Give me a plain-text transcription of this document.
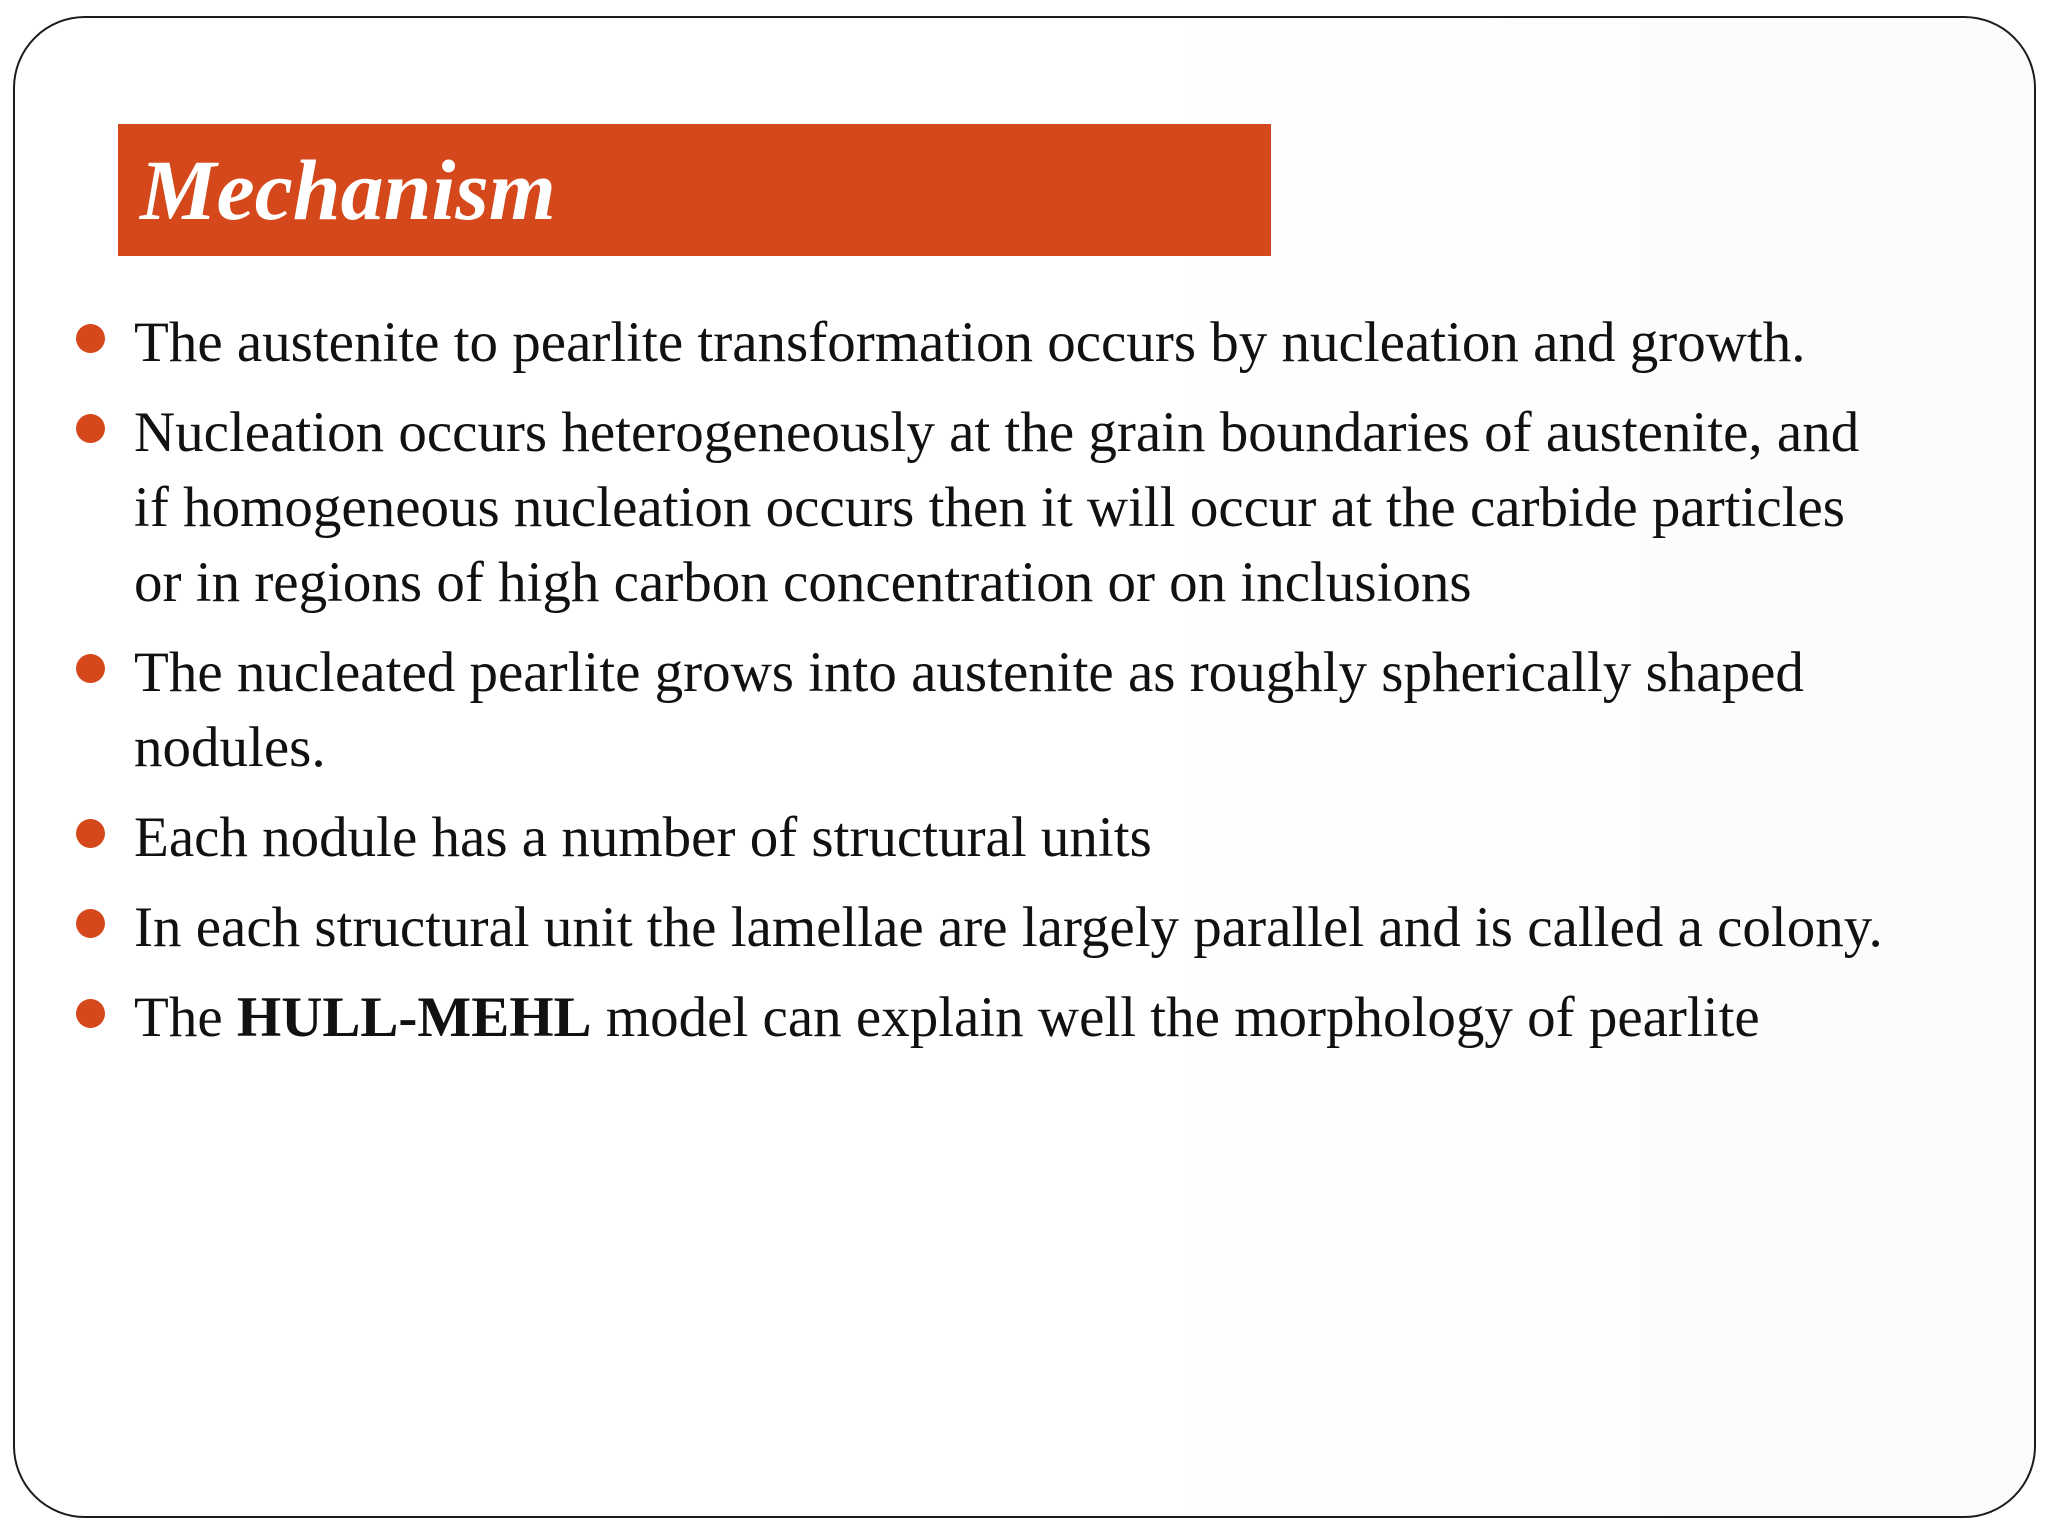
Mechanism
The austenite to pearlite transformation occurs by nucleation and growth.
Nucleation occurs heterogeneously at the grain boundaries of austenite, and if homogeneous nucleation occurs then it will occur at the carbide particles or in regions of high carbon concentration or on inclusions
The nucleated pearlite grows into austenite as roughly spherically shaped nodules.
Each nodule has a number of structural units
In each structural unit the lamellae are largely parallel and is called a colony.
The HULL-MEHL model can explain well the morphology of pearlite
